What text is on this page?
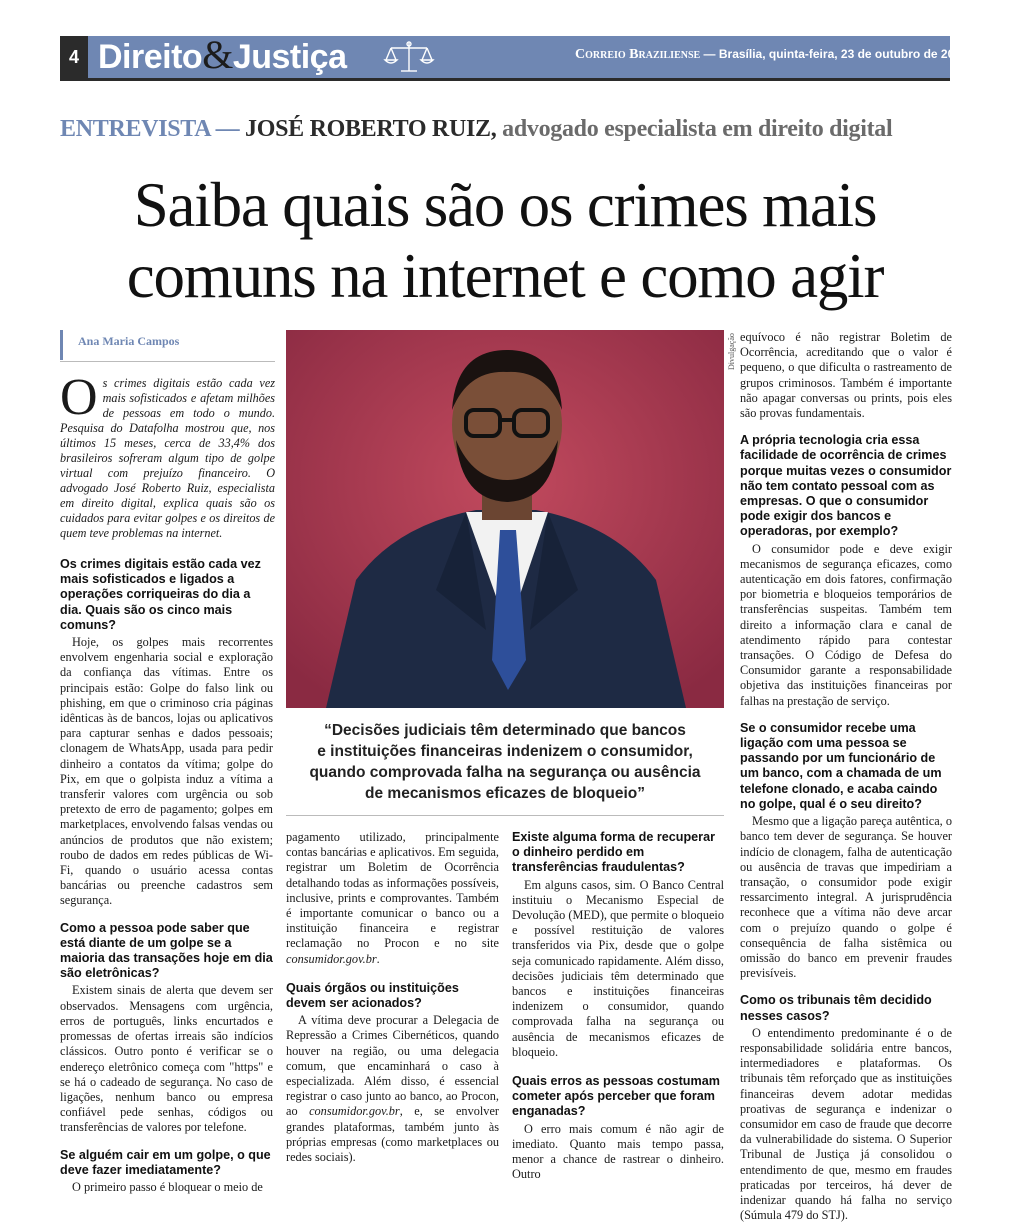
4 Direito&Justiça	Correio Braziliense — Brasília, quinta-feira, 23 de outubro de 2025
ENTREVISTA — JOSÉ ROBERTO RUIZ, advogado especialista em direito digital
Saiba quais são os crimes mais
comuns na internet e como agir
Ana Maria Campos
Os crimes digitais estão cada vez mais sofisticados e afetam milhões de pessoas em todo o mundo. Pesquisa do Datafolha mostrou que, nos últimos 15 meses, cerca de 33,4% dos brasileiros sofreram algum tipo de golpe virtual com prejuízo financeiro. O advogado José Roberto Ruiz, especialista em direito digital, explica quais são os cuidados para evitar golpes e os direitos de quem teve problemas na internet.
Os crimes digitais estão cada vez mais sofisticados e ligados a operações corriqueiras do dia a dia. Quais são os cinco mais comuns?

Hoje, os golpes mais recorrentes envolvem engenharia social e exploração da confiança das vítimas. Entre os principais estão: Golpe do falso link ou phishing, em que o criminoso cria páginas idênticas às de bancos, lojas ou aplicativos para capturar senhas e dados pessoais; clonagem de WhatsApp, usada para pedir dinheiro a contatos da vítima; golpe do Pix, em que o golpista induz a vítima a transferir valores com urgência ou sob pretexto de erro de pagamento; golpes em marketplaces, envolvendo falsas vendas ou anúncios de produtos que não existem; roubo de dados em redes públicas de Wi-Fi, quando o usuário acessa contas bancárias ou preenche cadastros sem segurança.

Como a pessoa pode saber que está diante de um golpe se a maioria das transações hoje em dia são eletrônicas?

Existem sinais de alerta que devem ser observados. Mensagens com urgência, erros de português, links encurtados e promessas de ofertas irreais são indícios clássicos. Outro ponto é verificar se o endereço eletrônico começa com "https" e se há o cadeado de segurança. No caso de ligações, nenhum banco ou empresa confiável pede senhas, códigos ou transferências de valores por telefone.

Se alguém cair em um golpe, o que deve fazer imediatamente?

O primeiro passo é bloquear o meio de

Divulgação
“Decisões judiciais têm determinado que bancos
e instituições financeiras indenizem o consumidor,
quando comprovada falha na segurança ou ausência
de mecanismos eficazes de bloqueio”

pagamento utilizado, principalmente contas bancárias e aplicativos. Em seguida, registrar um Boletim de Ocorrência detalhando todas as informações possíveis, inclusive, prints e comprovantes. Também é importante comunicar o banco ou a instituição financeira e registrar reclamação no Procon e no site consumidor.gov.br.

Quais órgãos ou instituições devem ser acionados?

A vítima deve procurar a Delegacia de Repressão a Crimes Cibernéticos, quando houver na região, ou uma delegacia comum, que encaminhará o caso à especializada. Além disso, é essencial registrar o caso junto ao banco, ao Procon, ao consumidor.gov.br, e, se envolver grandes plataformas, também junto às próprias empresas (como marketplaces ou redes sociais).

Existe alguma forma de recuperar o dinheiro perdido em transferências fraudulentas?

Em alguns casos, sim. O Banco Central instituiu o Mecanismo Especial de Devolução (MED), que permite o bloqueio e possível restituição de valores transferidos via Pix, desde que o golpe seja comunicado rapidamente. Além disso, decisões judiciais têm determinado que bancos e instituições financeiras indenizem o consumidor, quando comprovada falha na segurança ou ausência de mecanismos eficazes de bloqueio.

Quais erros as pessoas costumam cometer após perceber que foram enganadas?

O erro mais comum é não agir de imediato. Quanto mais tempo passa, menor a chance de rastrear o dinheiro. Outro

equívoco é não registrar Boletim de Ocorrência, acreditando que o valor é pequeno, o que dificulta o rastreamento de grupos criminosos. Também é importante não apagar conversas ou prints, pois eles são provas fundamentais.

A própria tecnologia cria essa facilidade de ocorrência de crimes porque muitas vezes o consumidor não tem contato pessoal com as empresas. O que o consumidor pode exigir dos bancos e operadoras, por exemplo?

O consumidor pode e deve exigir mecanismos de segurança eficazes, como autenticação em dois fatores, confirmação por biometria e bloqueios temporários de transferências suspeitas. Também tem direito a informação clara e canal de atendimento rápido para contestar transações. O Código de Defesa do Consumidor garante a responsabilidade objetiva das instituições financeiras por falhas na prestação de serviço.

Se o consumidor recebe uma ligação com uma pessoa se passando por um funcionário de um banco, com a chamada de um telefone clonado, e acaba caindo no golpe, qual é o seu direito?

Mesmo que a ligação pareça autêntica, o banco tem dever de segurança. Se houver indício de clonagem, falha de autenticação ou ausência de travas que impediriam a transação, o consumidor pode exigir ressarcimento integral. A jurisprudência reconhece que a vítima não deve arcar com o prejuízo quando o golpe é consequência de falha sistêmica ou omissão do banco em prevenir fraudes previsíveis.

Como os tribunais têm decidido nesses casos?

O entendimento predominante é o de responsabilidade solidária entre bancos, intermediadores e plataformas. Os tribunais têm reforçado que as instituições financeiras devem adotar medidas proativas de segurança e indenizar o consumidor em caso de fraude que decorre da vulnerabilidade do sistema. O Superior Tribunal de Justiça já consolidou o entendimento de que, mesmo em fraudes praticadas por terceiros, há dever de indenizar quando há falha no serviço (Súmula 479 do STJ).
